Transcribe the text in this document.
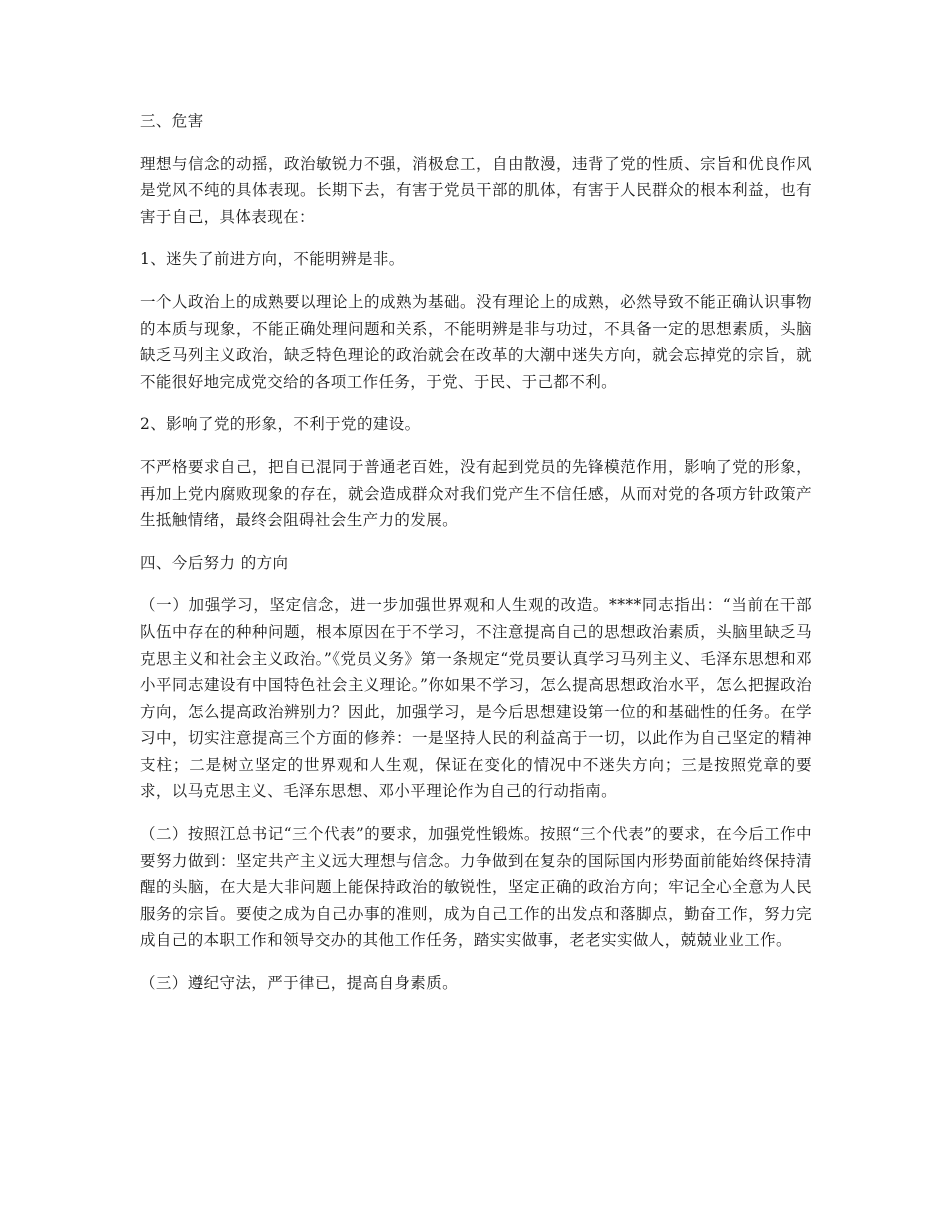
三、危害

理想与信念的动摇，政治敏锐力不强，消极怠工，自由散漫，违背了党的性质、宗旨和优良作风是党风不纯的具体表现。长期下去，有害于党员干部的肌体，有害于人民群众的根本利益，也有害于自己，具体表现在：

1、迷失了前进方向，不能明辨是非。

一个人政治上的成熟要以理论上的成熟为基础。没有理论上的成熟，必然导致不能正确认识事物的本质与现象，不能正确处理问题和关系，不能明辨是非与功过，不具备一定的思想素质，头脑缺乏马列主义政治，缺乏特色理论的政治就会在改革的大潮中迷失方向，就会忘掉党的宗旨，就不能很好地完成党交给的各项工作任务，于党、于民、于己都不利。

2、影响了党的形象，不利于党的建设。

不严格要求自己，把自已混同于普通老百姓，没有起到党员的先锋模范作用，影响了党的形象，再加上党内腐败现象的存在，就会造成群众对我们党产生不信任感，从而对党的各项方针政策产生抵触情绪，最终会阻碍社会生产力的发展。

四、今后努力 的方向

（一）加强学习，坚定信念，进一步加强世界观和人生观的改造。****同志指出：“当前在干部队伍中存在的种种问题，根本原因在于不学习，不注意提高自己的思想政治素质，头脑里缺乏马克思主义和社会主义政治。”《党员义务》第一条规定“党员要认真学习马列主义、毛泽东思想和邓小平同志建设有中国特色社会主义理论。”你如果不学习，怎么提高思想政治水平，怎么把握政治方向，怎么提高政治辨别力？因此，加强学习，是今后思想建设第一位的和基础性的任务。在学习中，切实注意提高三个方面的修养：一是坚持人民的利益高于一切，以此作为自己坚定的精神支柱；二是树立坚定的世界观和人生观，保证在变化的情况中不迷失方向；三是按照党章的要求，以马克思主义、毛泽东思想、邓小平理论作为自己的行动指南。

（二）按照江总书记“三个代表”的要求，加强党性锻炼。按照“三个代表”的要求，在今后工作中要努力做到：坚定共产主义远大理想与信念。力争做到在复杂的国际国内形势面前能始终保持清醒的头脑，在大是大非问题上能保持政治的敏锐性，坚定正确的政治方向；牢记全心全意为人民服务的宗旨。要使之成为自己办事的准则，成为自己工作的出发点和落脚点，勤奋工作，努力完成自己的本职工作和领导交办的其他工作任务，踏实实做事，老老实实做人，兢兢业业工作。

（三）遵纪守法，严于律已，提高自身素质。
